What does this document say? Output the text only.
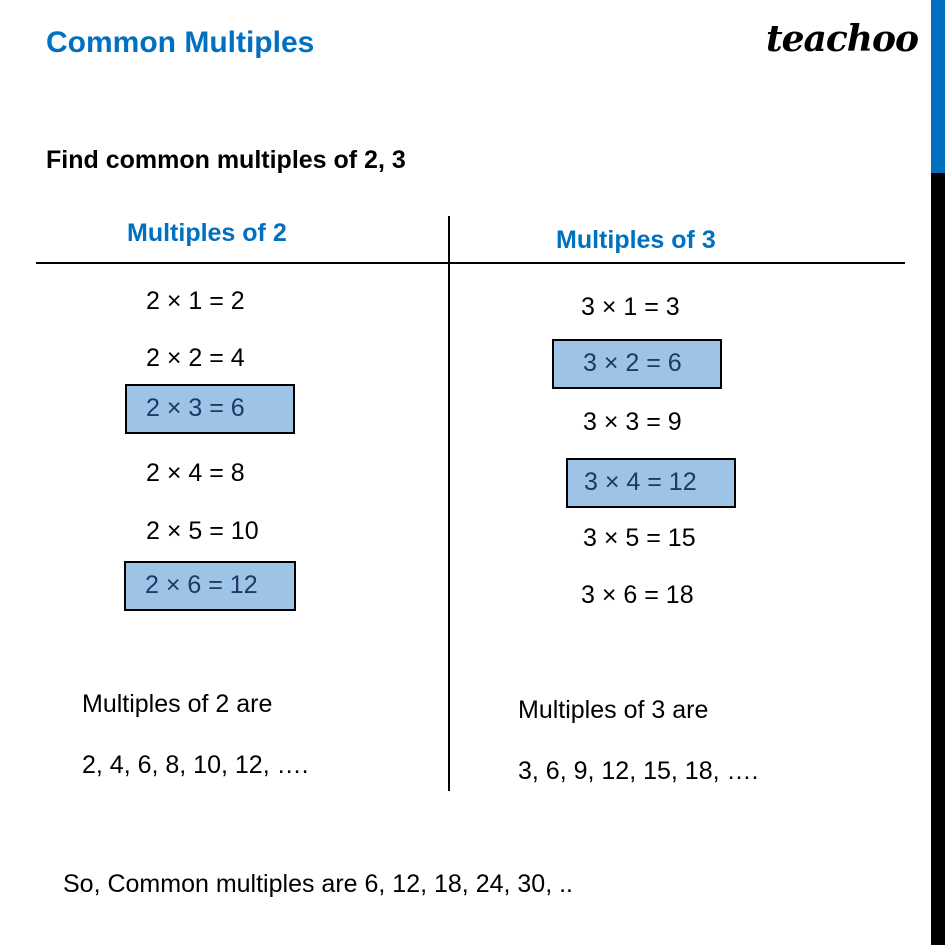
Common Multiples	teachoo
Find common multiples of 2, 3
Multiples of 2	Multiples of 3
2 × 1 = 2
2 × 2 = 4
2 × 3 = 6
2 × 4 = 8
2 × 5 = 10
2 × 6 = 12
3 × 1 = 3
3 × 2 = 6
3 × 3 = 9
3 × 4 = 12
3 × 5 = 15
3 × 6 = 18
Multiples of 2 are
2, 4, 6, 8, 10, 12, ….
Multiples of 3 are
3, 6, 9, 12, 15, 18, ….
So, Common multiples are 6, 12, 18, 24, 30, ..
